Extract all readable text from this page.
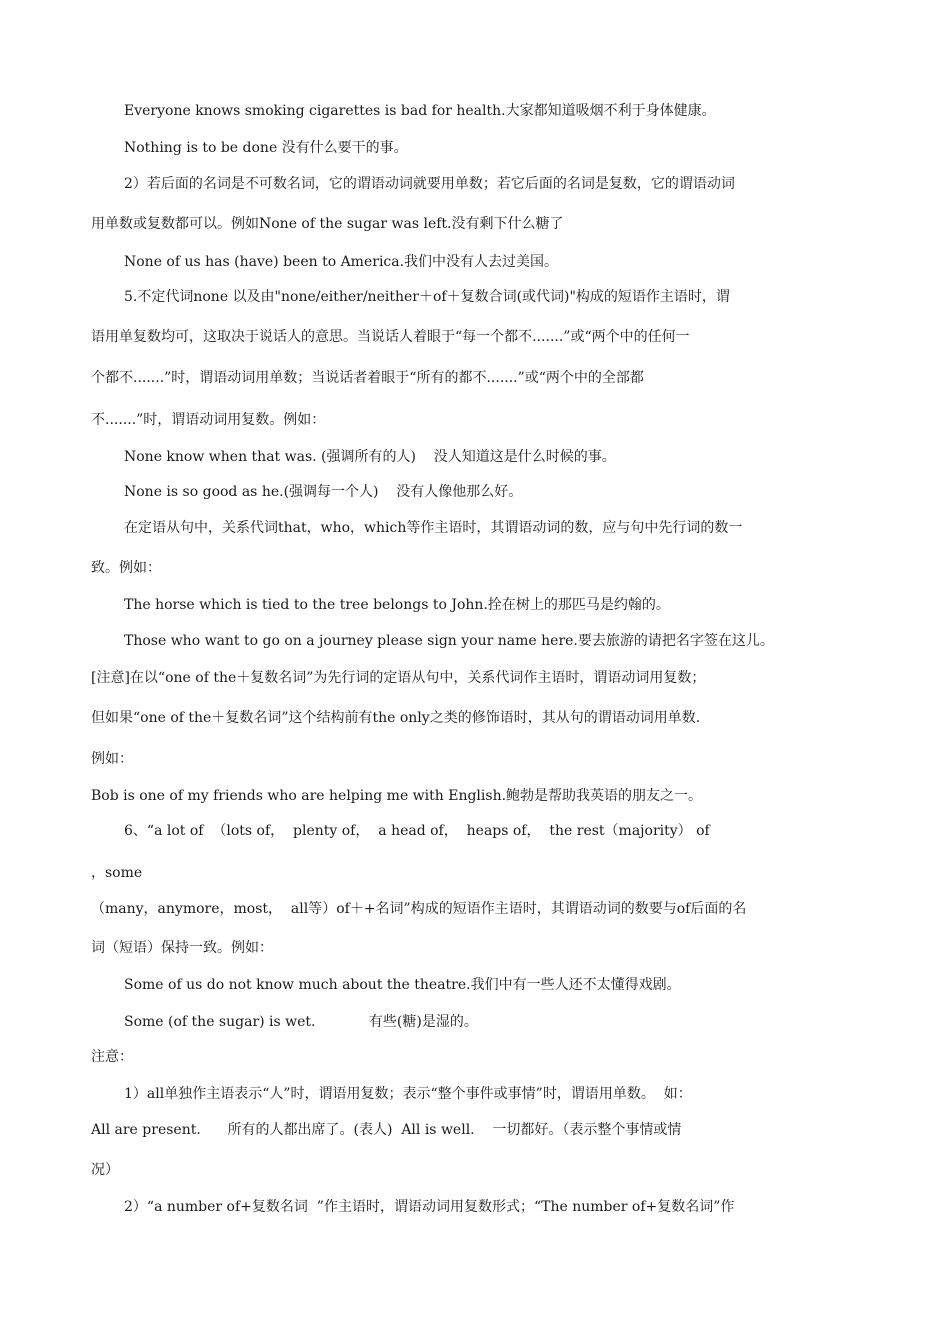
Everyone knows smoking cigarettes is bad for health.大家都知道吸烟不利于身体健康。
Nothing is to be done 没有什么要干的事。
2）若后面的名词是不可数名词，它的谓语动词就要用单数；若它后面的名词是复数，它的谓语动词
用单数或复数都可以。例如None of the sugar was left.没有剩下什么糖了
None of us has (have) been to America.我们中没有人去过美国。
5.不定代词none 以及由"none/either/neither＋of＋复数合词(或代词)"构成的短语作主语时，谓
语用单复数均可，这取决于说话人的意思。当说话人着眼于“每一个都不.......”或“两个中的任何一
个都不.......”时，谓语动词用单数；当说话者着眼于“所有的都不.......”或“两个中的全部都
不.......”时，谓语动词用复数。例如：
None know when that was. (强调所有的人)    没人知道这是什么时候的事。
None is so good as he.(强调每一个人)    没有人像他那么好。
在定语从句中，关系代词that，who，which等作主语时，其谓语动词的数，应与句中先行词的数一
致。例如：
The horse which is tied to the tree belongs to John.拴在树上的那匹马是约翰的。
Those who want to go on a journey please sign your name here.要去旅游的请把名字签在这儿。
[注意]在以“one of the＋复数名词”为先行词的定语从句中，关系代词作主语时，谓语动词用复数；
但如果“one of the＋复数名词”这个结构前有the only之类的修饰语时，其从句的谓语动词用单数.
例如：
Bob is one of my friends who are helping me with English.鲍勃是帮助我英语的朋友之一。
6、“a lot of  （lots of，  plenty of，  a head of，  heaps of，  the rest（majority） of
，some
（many，anymore，most，  all等）of＋+名词”构成的短语作主语时，其谓语动词的数要与of后面的名
词（短语）保持一致。例如：
Some of us do not know much about the theatre.我们中有一些人还不太懂得戏剧。
Some (of the sugar) is wet.            有些(糖)是湿的。
注意：
1）all单独作主语表示“人”时，谓语用复数；表示“整个事件或事情”时，谓语用单数。  如：
All are present.      所有的人都出席了。(表人)  All is well.    一切都好。（表示整个事情或情
况）
2）“a number of+复数名词  ”作主语时，谓语动词用复数形式；“The number of+复数名词”作
